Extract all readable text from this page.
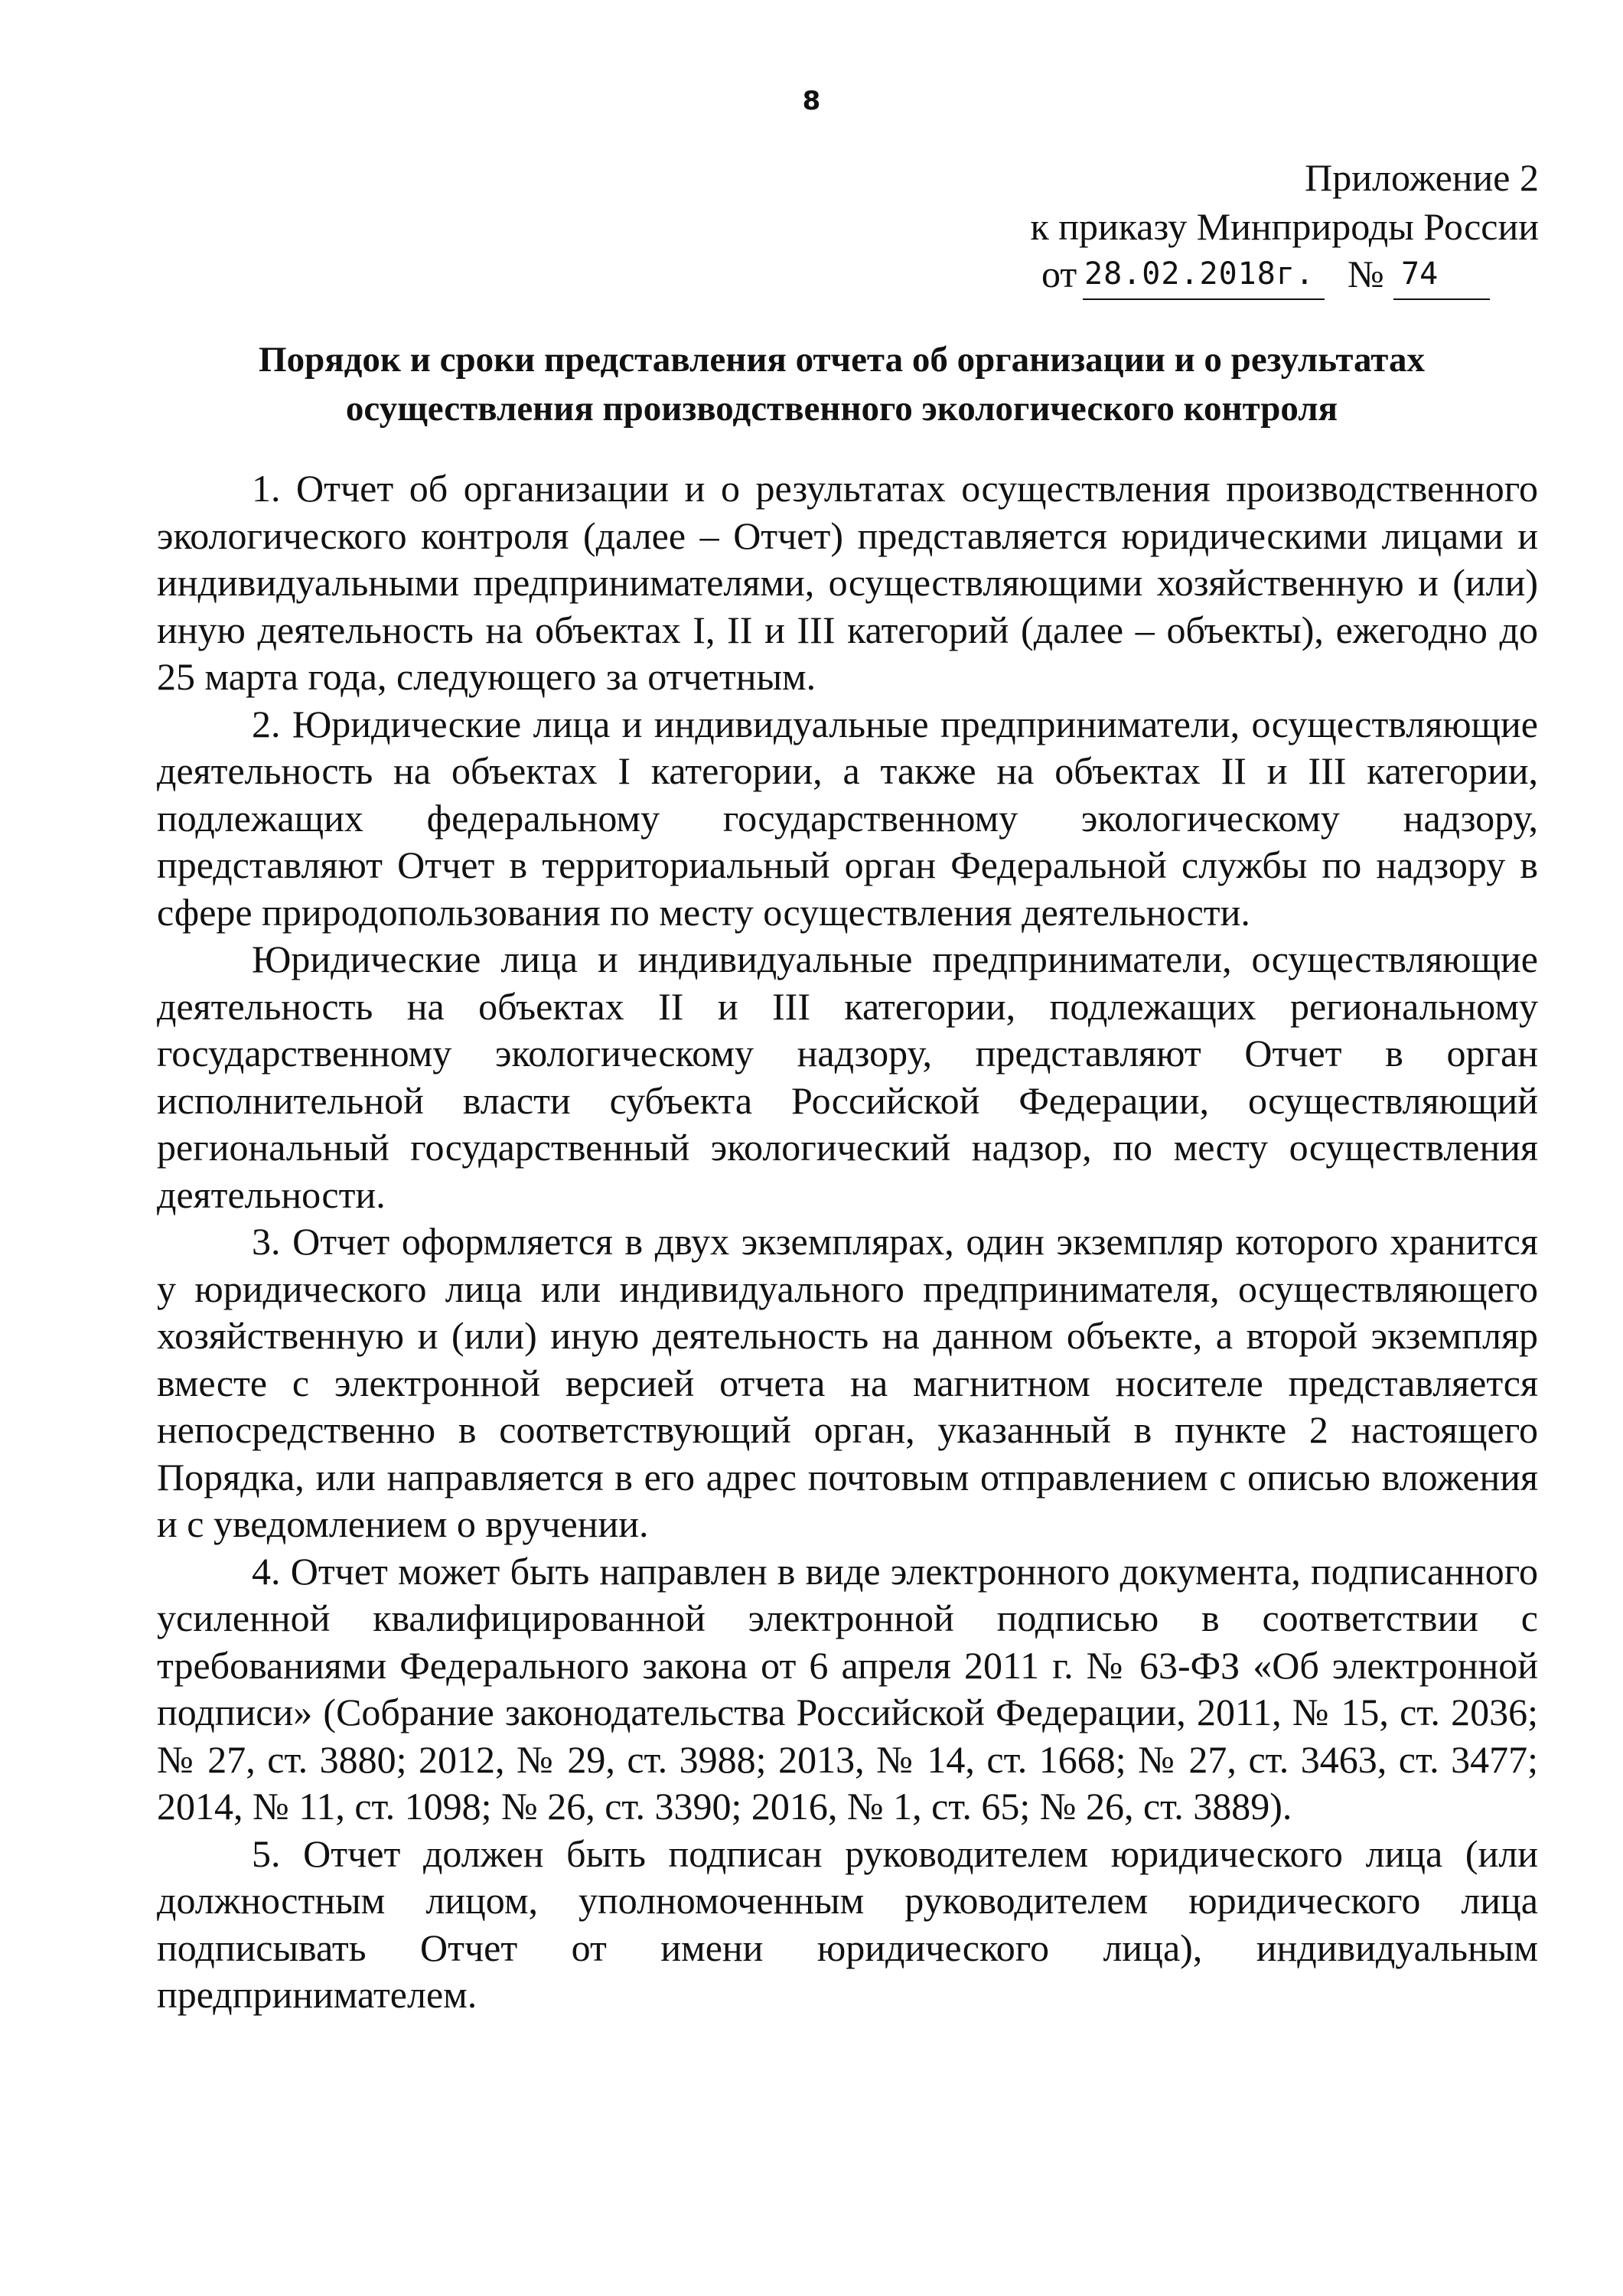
8
Приложение 2
к приказу Минприроды России
от 28.02.2018г. № 74
Порядок и сроки представления отчета об организации и о результатах
осуществления производственного экологического контроля
1. Отчет об организации и о результатах осуществления производственного
экологического контроля (далее – Отчет) представляется юридическими лицами и
индивидуальными предпринимателями, осуществляющими хозяйственную и (или)
иную деятельность на объектах I, II и III категорий (далее – объекты), ежегодно до
25 марта года, следующего за отчетным.
2. Юридические лица и индивидуальные предприниматели, осуществляющие
деятельность на объектах I категории, а также на объектах II и III категории,
подлежащих федеральному государственному экологическому надзору,
представляют Отчет в территориальный орган Федеральной службы по надзору в
сфере природопользования по месту осуществления деятельности.
Юридические лица и индивидуальные предприниматели, осуществляющие
деятельность на объектах II и III категории, подлежащих региональному
государственному экологическому надзору, представляют Отчет в орган
исполнительной власти субъекта Российской Федерации, осуществляющий
региональный государственный экологический надзор, по месту осуществления
деятельности.
3. Отчет оформляется в двух экземплярах, один экземпляр которого хранится
у юридического лица или индивидуального предпринимателя, осуществляющего
хозяйственную и (или) иную деятельность на данном объекте, а второй экземпляр
вместе с электронной версией отчета на магнитном носителе представляется
непосредственно в соответствующий орган, указанный в пункте 2 настоящего
Порядка, или направляется в его адрес почтовым отправлением с описью вложения
и с уведомлением о вручении.
4. Отчет может быть направлен в виде электронного документа, подписанного
усиленной квалифицированной электронной подписью в соответствии с
требованиями Федерального закона от 6 апреля 2011 г. № 63-ФЗ «Об электронной
подписи» (Собрание законодательства Российской Федерации, 2011, № 15, ст. 2036;
№ 27, ст. 3880; 2012, № 29, ст. 3988; 2013, № 14, ст. 1668; № 27, ст. 3463, ст. 3477;
2014, № 11, ст. 1098; № 26, ст. 3390; 2016, № 1, ст. 65; № 26, ст. 3889).
5. Отчет должен быть подписан руководителем юридического лица (или
должностным лицом, уполномоченным руководителем юридического лица
подписывать Отчет от имени юридического лица), индивидуальным
предпринимателем.
